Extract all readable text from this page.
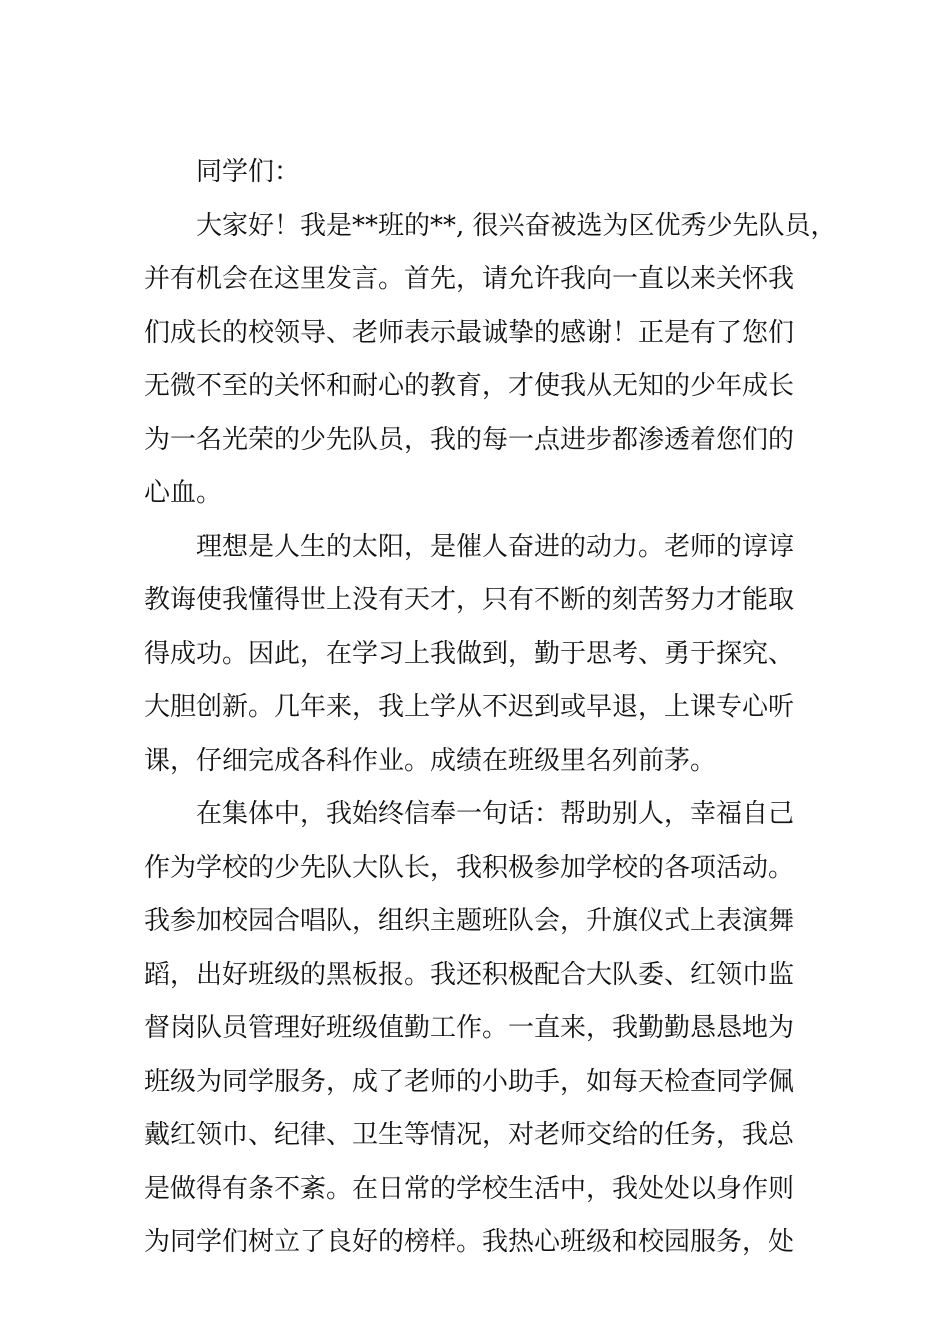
同学们：
大家好！我是**班的**, 很兴奋被选为区优秀少先队员，
并有机会在这里发言。首先，请允许我向一直以来关怀我
们成长的校领导、老师表示最诚挚的感谢！正是有了您们
无微不至的关怀和耐心的教育，才使我从无知的少年成长
为一名光荣的少先队员，我的每一点进步都渗透着您们的
心血。
理想是人生的太阳，是催人奋进的动力。老师的谆谆
教诲使我懂得世上没有天才，只有不断的刻苦努力才能取
得成功。因此，在学习上我做到，勤于思考、勇于探究、
大胆创新。几年来，我上学从不迟到或早退，上课专心听
课，仔细完成各科作业。成绩在班级里名列前茅。
在集体中，我始终信奉一句话：帮助别人，幸福自己
作为学校的少先队大队长，我积极参加学校的各项活动。
我参加校园合唱队，组织主题班队会，升旗仪式上表演舞
蹈，出好班级的黑板报。我还积极配合大队委、红领巾监
督岗队员管理好班级值勤工作。一直来，我勤勤恳恳地为
班级为同学服务，成了老师的小助手，如每天检查同学佩
戴红领巾、纪律、卫生等情况，对老师交给的任务，我总
是做得有条不紊。在日常的学校生活中，我处处以身作则
为同学们树立了良好的榜样。我热心班级和校园服务，处
